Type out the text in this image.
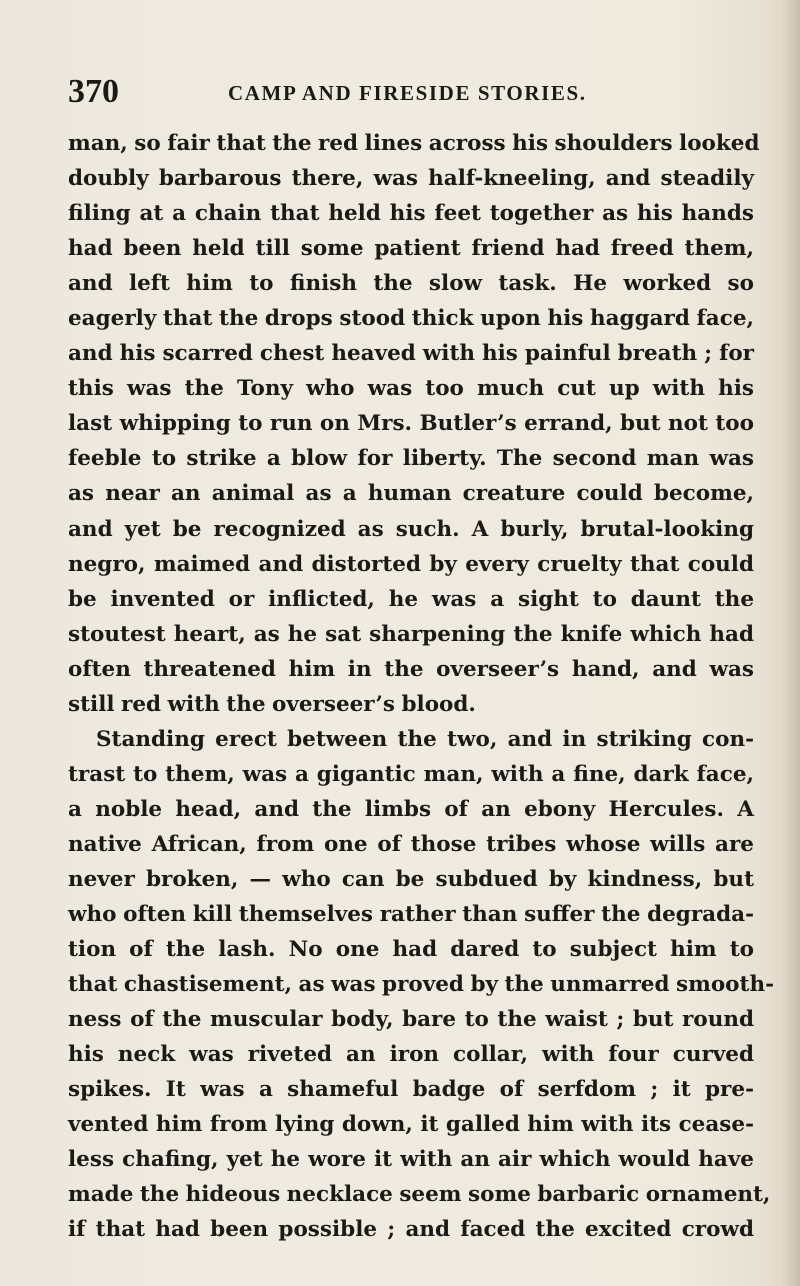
370	CAMP AND FIRESIDE STORIES.
man, so fair that the red lines across his shoulders looked
doubly barbarous there, was half-kneeling, and steadily
filing at a chain that held his feet together as his hands
had been held till some patient friend had freed them,
and left him to finish the slow task. He worked so
eagerly that the drops stood thick upon his haggard face,
and his scarred chest heaved with his painful breath ; for
this was the Tony who was too much cut up with his
last whipping to run on Mrs. Butler’s errand, but not too
feeble to strike a blow for liberty. The second man was
as near an animal as a human creature could become,
and yet be recognized as such. A burly, brutal-looking
negro, maimed and distorted by every cruelty that could
be invented or inflicted, he was a sight to daunt the
stoutest heart, as he sat sharpening the knife which had
often threatened him in the overseer’s hand, and was
still red with the overseer’s blood.
Standing erect between the two, and in striking con-
trast to them, was a gigantic man, with a fine, dark face,
a noble head, and the limbs of an ebony Hercules. A
native African, from one of those tribes whose wills are
never broken, — who can be subdued by kindness, but
who often kill themselves rather than suffer the degrada-
tion of the lash. No one had dared to subject him to
that chastisement, as was proved by the unmarred smooth-
ness of the muscular body, bare to the waist ; but round
his neck was riveted an iron collar, with four curved
spikes. It was a shameful badge of serfdom ; it pre-
vented him from lying down, it galled him with its cease-
less chafing, yet he wore it with an air which would have
made the hideous necklace seem some barbaric ornament,
if that had been possible ; and faced the excited crowd
